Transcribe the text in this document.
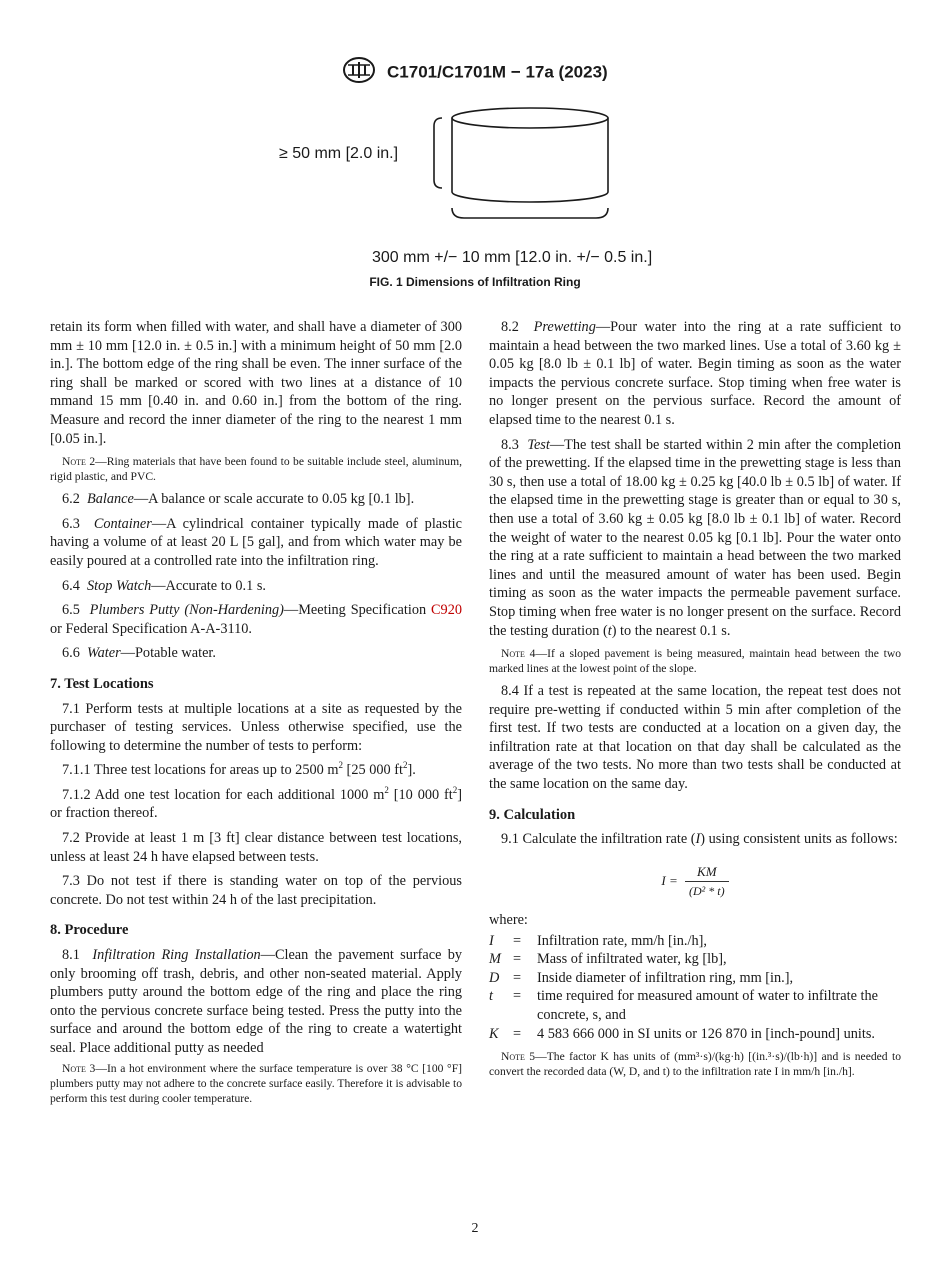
C1701/C1701M − 17a (2023)
≥ 50 mm [2.0 in.]
300 mm +/− 10 mm [12.0 in. +/− 0.5 in.]
FIG. 1 Dimensions of Infiltration Ring

retain its form when filled with water, and shall have a diameter of 300 mm ± 10 mm [12.0 in. ± 0.5 in.] with a minimum height of 50 mm [2.0 in.]. The bottom edge of the ring shall be even. The inner surface of the ring shall be marked or scored with two lines at a distance of 10 mmand 15 mm [0.40 in. and 0.60 in.] from the bottom of the ring. Measure and record the inner diameter of the ring to the nearest 1 mm [0.05 in.].

Note 2—Ring materials that have been found to be suitable include steel, aluminum, rigid plastic, and PVC.

6.2 Balance—A balance or scale accurate to 0.05 kg [0.1 lb].

6.3 Container—A cylindrical container typically made of plastic having a volume of at least 20 L [5 gal], and from which water may be easily poured at a controlled rate into the infiltration ring.

6.4 Stop Watch—Accurate to 0.1 s.

6.5 Plumbers Putty (Non-Hardening)—Meeting Specification C920 or Federal Specification A-A-3110.

6.6 Water—Potable water.

7. Test Locations

7.1 Perform tests at multiple locations at a site as requested by the purchaser of testing services. Unless otherwise specified, use the following to determine the number of tests to perform:

7.1.1 Three test locations for areas up to 2500 $m^2$ [25 000 $ft^2$].

7.1.2 Add one test location for each additional 1000 $m^2$ [10 000 $ft^2$] or fraction thereof.

7.2 Provide at least 1 m [3 ft] clear distance between test locations, unless at least 24 h have elapsed between tests.

7.3 Do not test if there is standing water on top of the pervious concrete. Do not test within 24 h of the last precipitation.

8. Procedure

8.1 Infiltration Ring Installation—Clean the pavement surface by only brooming off trash, debris, and other non-seated material. Apply plumbers putty around the bottom edge of the ring and place the ring onto the pervious concrete surface being tested. Press the putty into the surface and around the bottom edge of the ring to create a watertight seal. Place additional putty as needed

Note 3—In a hot environment where the surface temperature is over 38 °C [100 °F] plumbers putty may not adhere to the concrete surface easily. Therefore it is advisable to perform this test during cooler temperature.

8.2 Prewetting—Pour water into the ring at a rate sufficient to maintain a head between the two marked lines. Use a total of 3.60 kg ± 0.05 kg [8.0 lb ± 0.1 lb] of water. Begin timing as soon as the water impacts the pervious concrete surface. Stop timing when free water is no longer present on the pervious surface. Record the amount of elapsed time to the nearest 0.1 s.

8.3 Test—The test shall be started within 2 min after the completion of the prewetting. If the elapsed time in the prewetting stage is less than 30 s, then use a total of 18.00 kg ± 0.25 kg [40.0 lb ± 0.5 lb] of water. If the elapsed time in the prewetting stage is greater than or equal to 30 s, then use a total of 3.60 kg ± 0.05 kg [8.0 lb ± 0.1 lb] of water. Record the weight of water to the nearest 0.05 kg [0.1 lb]. Pour the water onto the ring at a rate sufficient to maintain a head between the two marked lines and until the measured amount of water has been used. Begin timing as soon as the water impacts the permeable pavement surface. Stop timing when free water is no longer present on the surface. Record the testing duration (t) to the nearest 0.1 s.

Note 4—If a sloped pavement is being measured, maintain head between the two marked lines at the lowest point of the slope.

8.4 If a test is repeated at the same location, the repeat test does not require pre-wetting if conducted within 5 min after completion of the first test. If two tests are conducted at a location on a given day, the infiltration rate at that location on that day shall be calculated as the average of the two tests. No more than two tests shall be conducted at the same location on the same day.

9. Calculation

9.1 Calculate the infiltration rate (I) using consistent units as follows:

$I = \frac{KM}{\text{(D² * t)}}$

where:

I	=	Infiltration rate, mm/h [in./h],
M	=	Mass of infiltrated water, kg [lb],
D	=	Inside diameter of infiltration ring, mm [in.],
t	=	time required for measured amount of water to infiltrate the concrete, s, and
K	=	4 583 666 000 in SI units or 126 870 in [inch-pound] units.
Note 5—The factor K has units of (mm³·s)/(kg·h) [(in.³·s)/(lb·h)] and is needed to convert the recorded data (W, D, and t) to the infiltration rate I in mm/h [in./h].
2
